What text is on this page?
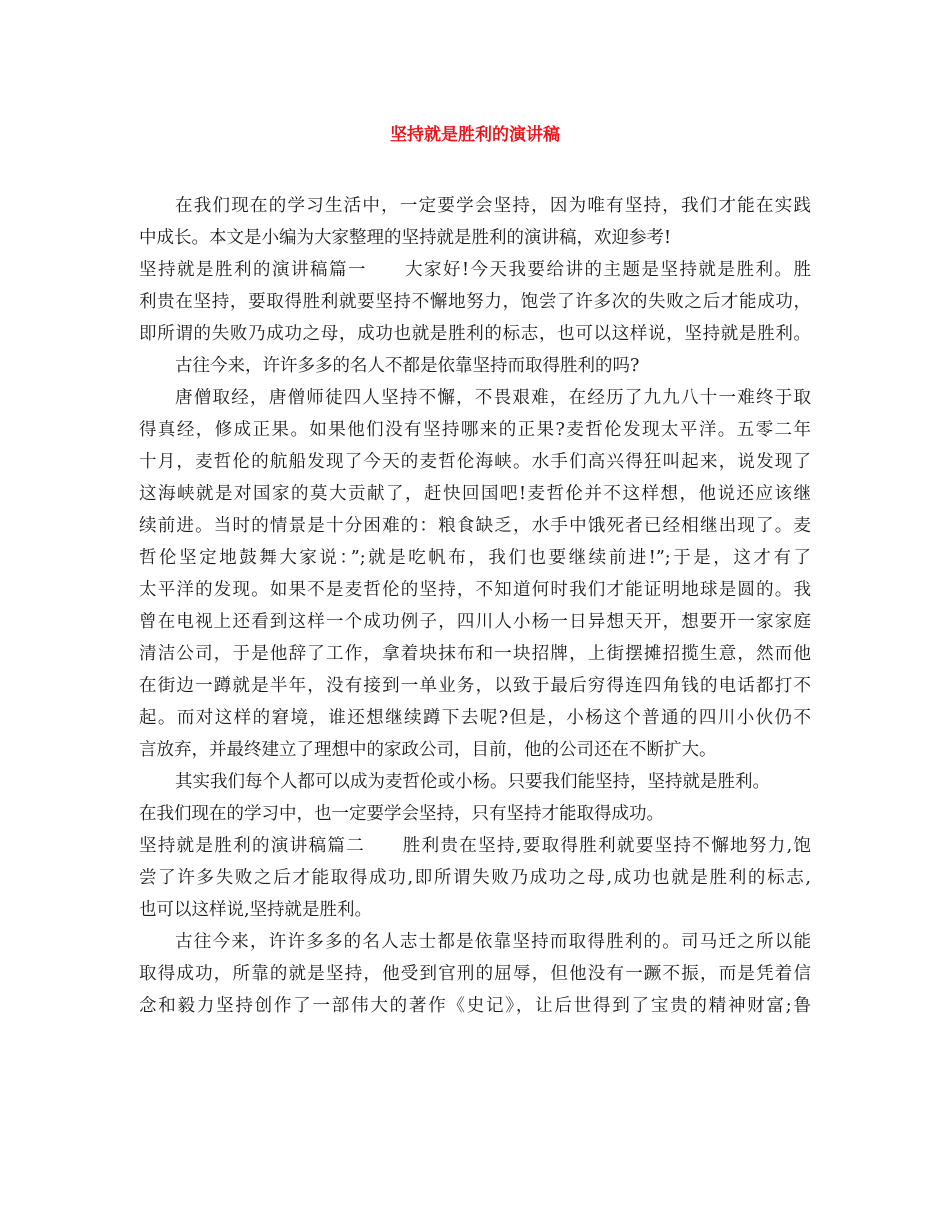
坚持就是胜利的演讲稿
在我们现在的学习生活中，一定要学会坚持，因为唯有坚持，我们才能在实践
中成长。本文是小编为大家整理的坚持就是胜利的演讲稿，欢迎参考!
坚持就是胜利的演讲稿篇一　　大家好!今天我要给讲的主题是坚持就是胜利。胜
利贵在坚持，要取得胜利就要坚持不懈地努力，饱尝了许多次的失败之后才能成功，
即所谓的失败乃成功之母，成功也就是胜利的标志，也可以这样说，坚持就是胜利。
古往今来，许许多多的名人不都是依靠坚持而取得胜利的吗?
唐僧取经，唐僧师徒四人坚持不懈，不畏艰难，在经历了九九八十一难终于取
得真经，修成正果。如果他们没有坚持哪来的正果?麦哲伦发现太平洋。五零二年
十月，麦哲伦的航船发现了今天的麦哲伦海峡。水手们高兴得狂叫起来，说发现了
这海峡就是对国家的莫大贡献了，赶快回国吧!麦哲伦并不这样想，他说还应该继
续前进。当时的情景是十分困难的：粮食缺乏，水手中饿死者已经相继出现了。麦
哲伦坚定地鼓舞大家说：”;就是吃帆布，我们也要继续前进!”;于是，这才有了
太平洋的发现。如果不是麦哲伦的坚持，不知道何时我们才能证明地球是圆的。我
曾在电视上还看到这样一个成功例子，四川人小杨一日异想天开，想要开一家家庭
清洁公司，于是他辞了工作，拿着块抹布和一块招牌，上街摆摊招揽生意，然而他
在街边一蹲就是半年，没有接到一单业务，以致于最后穷得连四角钱的电话都打不
起。而对这样的窘境，谁还想继续蹲下去呢?但是，小杨这个普通的四川小伙仍不
言放弃，并最终建立了理想中的家政公司，目前，他的公司还在不断扩大。
其实我们每个人都可以成为麦哲伦或小杨。只要我们能坚持，坚持就是胜利。
在我们现在的学习中，也一定要学会坚持，只有坚持才能取得成功。
坚持就是胜利的演讲稿篇二　　胜利贵在坚持,要取得胜利就要坚持不懈地努力,饱
尝了许多失败之后才能取得成功,即所谓失败乃成功之母,成功也就是胜利的标志,
也可以这样说,坚持就是胜利。
古往今来，许许多多的名人志士都是依靠坚持而取得胜利的。司马迁之所以能
取得成功，所靠的就是坚持，他受到官刑的屈辱，但他没有一蹶不振，而是凭着信
念和毅力坚持创作了一部伟大的著作《史记》，让后世得到了宝贵的精神财富;鲁
